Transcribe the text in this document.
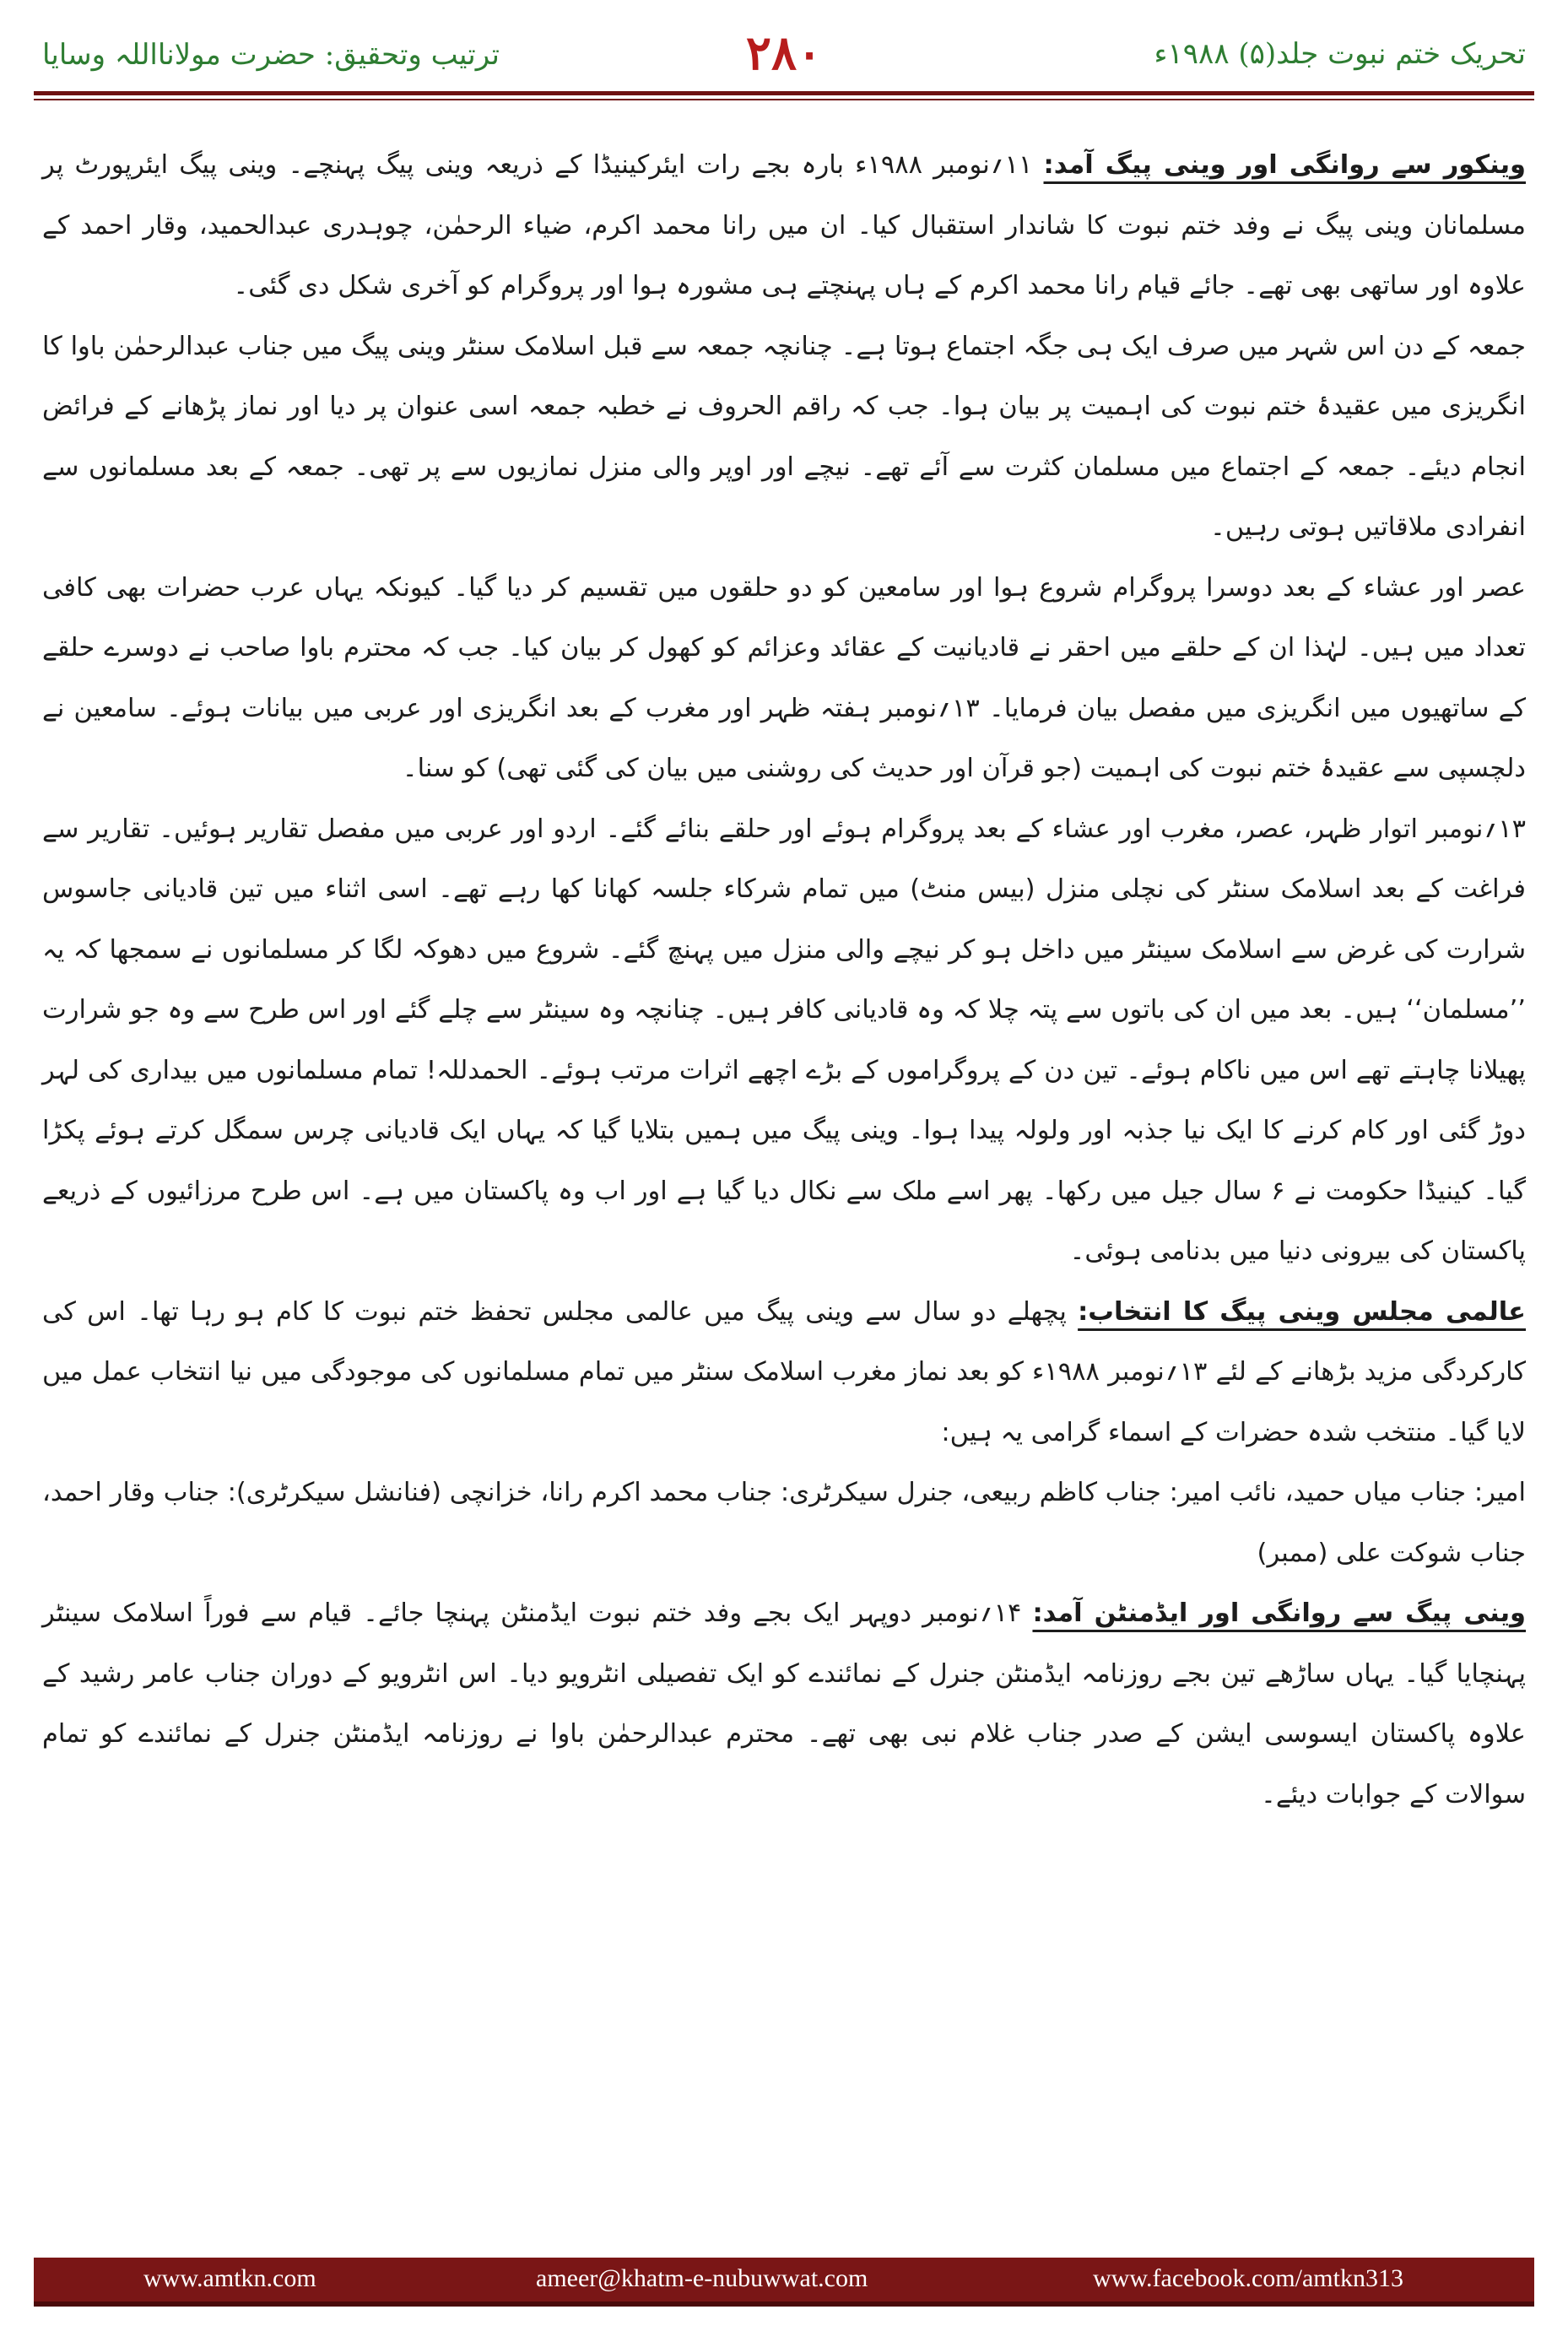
تحریک ختم نبوت جلد(۵) ۱۹۸۸ء
۲۸۰
ترتیب وتحقیق: حضرت مولانااللہ وسایا

وینکور سے روانگی اور وینی پیگ آمد: ۱۱؍نومبر ۱۹۸۸ء بارہ بجے رات ایئرکینیڈا کے ذریعہ وینی پیگ پہنچے۔ وینی پیگ ایئرپورٹ پر مسلمانان وینی پیگ نے وفد ختم نبوت کا شاندار استقبال کیا۔ ان میں رانا محمد اکرم، ضیاء الرحمٰن، چوہدری عبدالحمید، وقار احمد کے علاوہ اور ساتھی بھی تھے۔ جائے قیام رانا محمد اکرم کے ہاں پہنچتے ہی مشورہ ہوا اور پروگرام کو آخری شکل دی گئی۔

جمعہ کے دن اس شہر میں صرف ایک ہی جگہ اجتماع ہوتا ہے۔ چنانچہ جمعہ سے قبل اسلامک سنٹر وینی پیگ میں جناب عبدالرحمٰن باوا کا انگریزی میں عقیدۂ ختم نبوت کی اہمیت پر بیان ہوا۔ جب کہ راقم الحروف نے خطبہ جمعہ اسی عنوان پر دیا اور نماز پڑھانے کے فرائض انجام دیئے۔ جمعہ کے اجتماع میں مسلمان کثرت سے آئے تھے۔ نیچے اور اوپر والی منزل نمازیوں سے پر تھی۔ جمعہ کے بعد مسلمانوں سے انفرادی ملاقاتیں ہوتی رہیں۔

عصر اور عشاء کے بعد دوسرا پروگرام شروع ہوا اور سامعین کو دو حلقوں میں تقسیم کر دیا گیا۔ کیونکہ یہاں عرب حضرات بھی کافی تعداد میں ہیں۔ لہٰذا ان کے حلقے میں احقر نے قادیانیت کے عقائد وعزائم کو کھول کر بیان کیا۔ جب کہ محترم باوا صاحب نے دوسرے حلقے کے ساتھیوں میں انگریزی میں مفصل بیان فرمایا۔ ۱۳؍نومبر ہفتہ ظہر اور مغرب کے بعد انگریزی اور عربی میں بیانات ہوئے۔ سامعین نے دلچسپی سے عقیدۂ ختم نبوت کی اہمیت (جو قرآن اور حدیث کی روشنی میں بیان کی گئی تھی) کو سنا۔

۱۳؍نومبر اتوار ظہر، عصر، مغرب اور عشاء کے بعد پروگرام ہوئے اور حلقے بنائے گئے۔ اردو اور عربی میں مفصل تقاریر ہوئیں۔ تقاریر سے فراغت کے بعد اسلامک سنٹر کی نچلی منزل (بیس منٹ) میں تمام شرکاء جلسہ کھانا کھا رہے تھے۔ اسی اثناء میں تین قادیانی جاسوس شرارت کی غرض سے اسلامک سینٹر میں داخل ہو کر نیچے والی منزل میں پہنچ گئے۔ شروع میں دھوکہ لگا کر مسلمانوں نے سمجھا کہ یہ ’’مسلمان‘‘ ہیں۔ بعد میں ان کی باتوں سے پتہ چلا کہ وہ قادیانی کافر ہیں۔ چنانچہ وہ سینٹر سے چلے گئے اور اس طرح سے وہ جو شرارت پھیلانا چاہتے تھے اس میں ناکام ہوئے۔ تین دن کے پروگراموں کے بڑے اچھے اثرات مرتب ہوئے۔ الحمدللہ! تمام مسلمانوں میں بیداری کی لہر دوڑ گئی اور کام کرنے کا ایک نیا جذبہ اور ولولہ پیدا ہوا۔ وینی پیگ میں ہمیں بتلایا گیا کہ یہاں ایک قادیانی چرس سمگل کرتے ہوئے پکڑا گیا۔ کینیڈا حکومت نے ۶ سال جیل میں رکھا۔ پھر اسے ملک سے نکال دیا گیا ہے اور اب وہ پاکستان میں ہے۔ اس طرح مرزائیوں کے ذریعے پاکستان کی بیرونی دنیا میں بدنامی ہوئی۔

عالمی مجلس وینی پیگ کا انتخاب: پچھلے دو سال سے وینی پیگ میں عالمی مجلس تحفظ ختم نبوت کا کام ہو رہا تھا۔ اس کی کارکردگی مزید بڑھانے کے لئے ۱۳؍نومبر ۱۹۸۸ء کو بعد نماز مغرب اسلامک سنٹر میں تمام مسلمانوں کی موجودگی میں نیا انتخاب عمل میں لایا گیا۔ منتخب شدہ حضرات کے اسماء گرامی یہ ہیں:

امیر: جناب میاں حمید، نائب امیر: جناب کاظم ربیعی، جنرل سیکرٹری: جناب محمد اکرم رانا، خزانچی (فنانشل سیکرٹری): جناب وقار احمد، جناب شوکت علی (ممبر)

وینی پیگ سے روانگی اور ایڈمنٹن آمد: ۱۴؍نومبر دوپہر ایک بجے وفد ختم نبوت ایڈمنٹن پہنچا جائے۔ قیام سے فوراً اسلامک سینٹر پہنچایا گیا۔ یہاں ساڑھے تین بجے روزنامہ ایڈمنٹن جنرل کے نمائندے کو ایک تفصیلی انٹرویو دیا۔ اس انٹرویو کے دوران جناب عامر رشید کے علاوہ پاکستان ایسوسی ایشن کے صدر جناب غلام نبی بھی تھے۔ محترم عبدالرحمٰن باوا نے روزنامہ ایڈمنٹن جنرل کے نمائندے کو تمام سوالات کے جوابات دیئے۔

www.amtkn.com	ameer@khatm-e-nubuwwat.com	www.facebook.com/amtkn313
